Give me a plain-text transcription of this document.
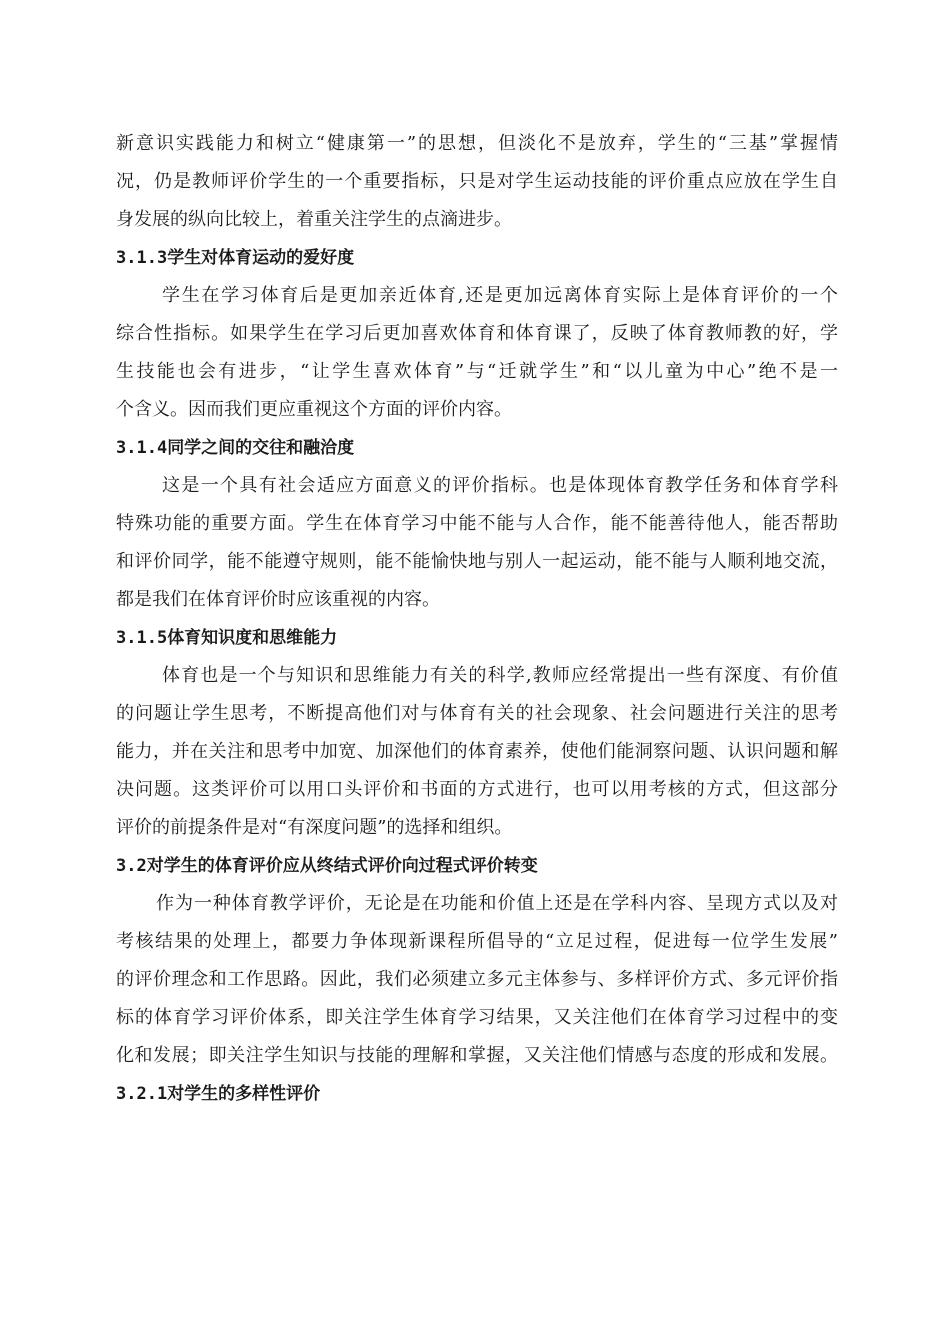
新意识实践能力和树立“健康第一”的思想，但淡化不是放弃，学生的“三基”掌握情
况，仍是教师评价学生的一个重要指标，只是对学生运动技能的评价重点应放在学生自
身发展的纵向比较上，着重关注学生的点滴进步。
3.1.3学生对体育运动的爱好度
学生在学习体育后是更加亲近体育,还是更加远离体育实际上是体育评价的一个
综合性指标。如果学生在学习后更加喜欢体育和体育课了，反映了体育教师教的好，学
生技能也会有进步，“让学生喜欢体育”与“迁就学生”和“以儿童为中心”绝不是一
个含义。因而我们更应重视这个方面的评价内容。
3.1.4同学之间的交往和融洽度
这是一个具有社会适应方面意义的评价指标。也是体现体育教学任务和体育学科
特殊功能的重要方面。学生在体育学习中能不能与人合作，能不能善待他人，能否帮助
和评价同学，能不能遵守规则，能不能愉快地与别人一起运动，能不能与人顺利地交流，
都是我们在体育评价时应该重视的内容。
3.1.5体育知识度和思维能力
体育也是一个与知识和思维能力有关的科学,教师应经常提出一些有深度、有价值
的问题让学生思考，不断提高他们对与体育有关的社会现象、社会问题进行关注的思考
能力，并在关注和思考中加宽、加深他们的体育素养，使他们能洞察问题、认识问题和解
决问题。这类评价可以用口头评价和书面的方式进行，也可以用考核的方式，但这部分
评价的前提条件是对“有深度问题”的选择和组织。
3.2对学生的体育评价应从终结式评价向过程式评价转变
作为一种体育教学评价，无论是在功能和价值上还是在学科内容、呈现方式以及对
考核结果的处理上，都要力争体现新课程所倡导的“立足过程，促进每一位学生发展”
的评价理念和工作思路。因此，我们必须建立多元主体参与、多样评价方式、多元评价指
标的体育学习评价体系，即关注学生体育学习结果，又关注他们在体育学习过程中的变
化和发展；即关注学生知识与技能的理解和掌握，又关注他们情感与态度的形成和发展。
3.2.1对学生的多样性评价
